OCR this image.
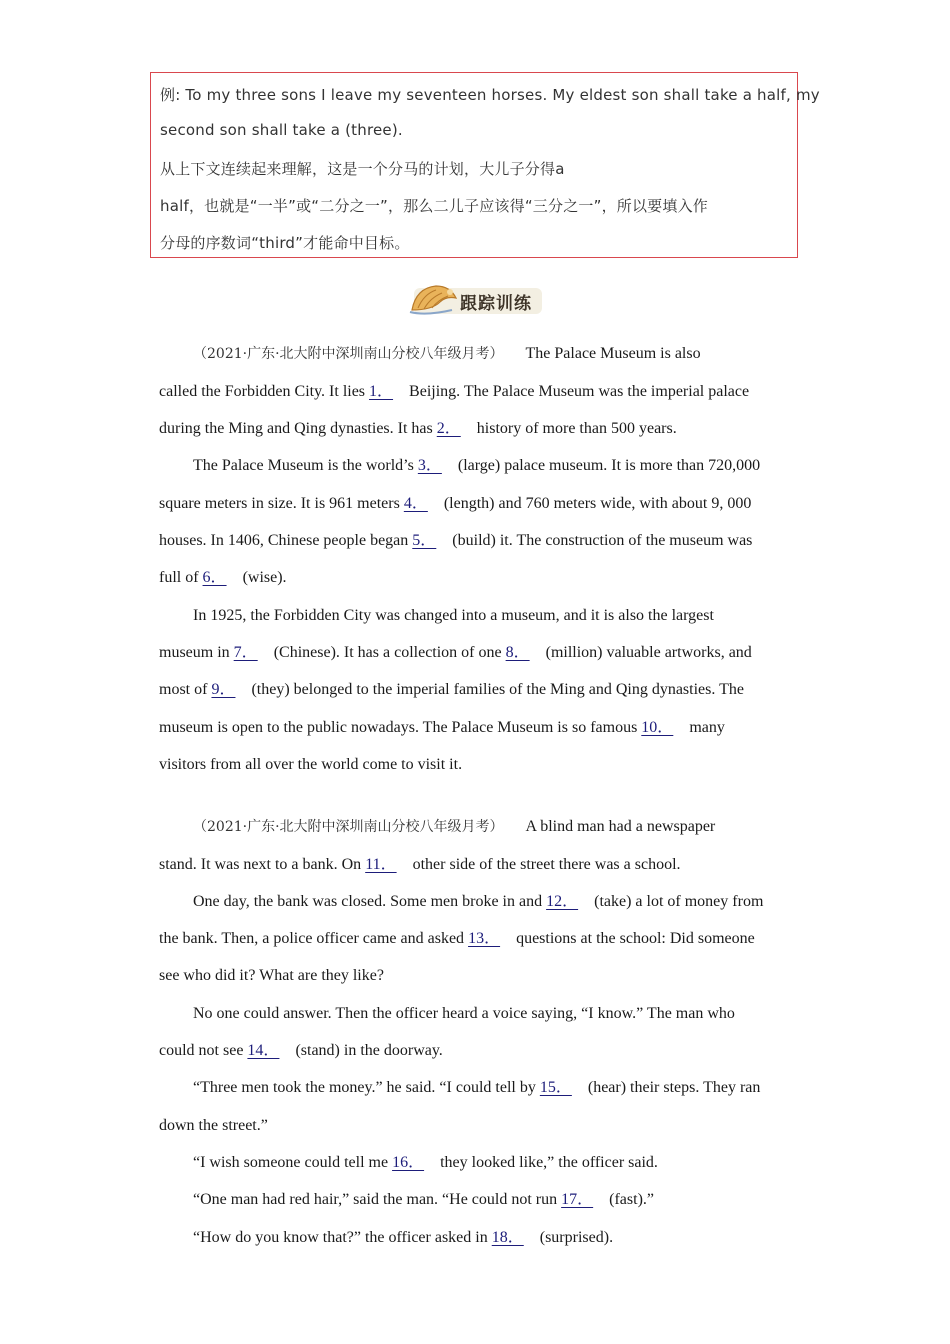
例: To my three sons I leave my seventeen horses. My eldest son shall take a half, my
second son shall take a (three).
从上下文连续起来理解，这是一个分马的计划，大儿子分得a
half，也就是“一半”或“二分之一”，那么二儿子应该得“三分之一”，所以要填入作
分母的序数词“third”才能命中目标。
跟踪训练
（2021·广东·北大附中深圳南山分校八年级月考） The Palace Museum is also
called the Forbidden City. It lies 1． Beijing. The Palace Museum was the imperial palace
during the Ming and Qing dynasties. It has 2． history of more than 500 years.
The Palace Museum is the world’s 3． (large) palace museum. It is more than 720,000
square meters in size. It is 961 meters 4． (length) and 760 meters wide, with about 9, 000
houses. In 1406, Chinese people began 5． (build) it. The construction of the museum was
full of 6． (wise).
In 1925, the Forbidden City was changed into a museum, and it is also the largest
museum in 7． (Chinese). It has a collection of one 8． (million) valuable artworks, and
most of 9． (they) belonged to the imperial families of the Ming and Qing dynasties. The
museum is open to the public nowadays. The Palace Museum is so famous 10． many
visitors from all over the world come to visit it.
（2021·广东·北大附中深圳南山分校八年级月考） A blind man had a newspaper
stand. It was next to a bank. On 11． other side of the street there was a school.
One day, the bank was closed. Some men broke in and 12． (take) a lot of money from
the bank. Then, a police officer came and asked 13． questions at the school: Did someone
see who did it? What are they like?
No one could answer. Then the officer heard a voice saying, “I know.” The man who
could not see 14． (stand) in the doorway.
“Three men took the money.” he said. “I could tell by 15． (hear) their steps. They ran
down the street.”
“I wish someone could tell me 16． they looked like,” the officer said.
“One man had red hair,” said the man. “He could not run 17． (fast).”
“How do you know that?” the officer asked in 18． (surprised).
